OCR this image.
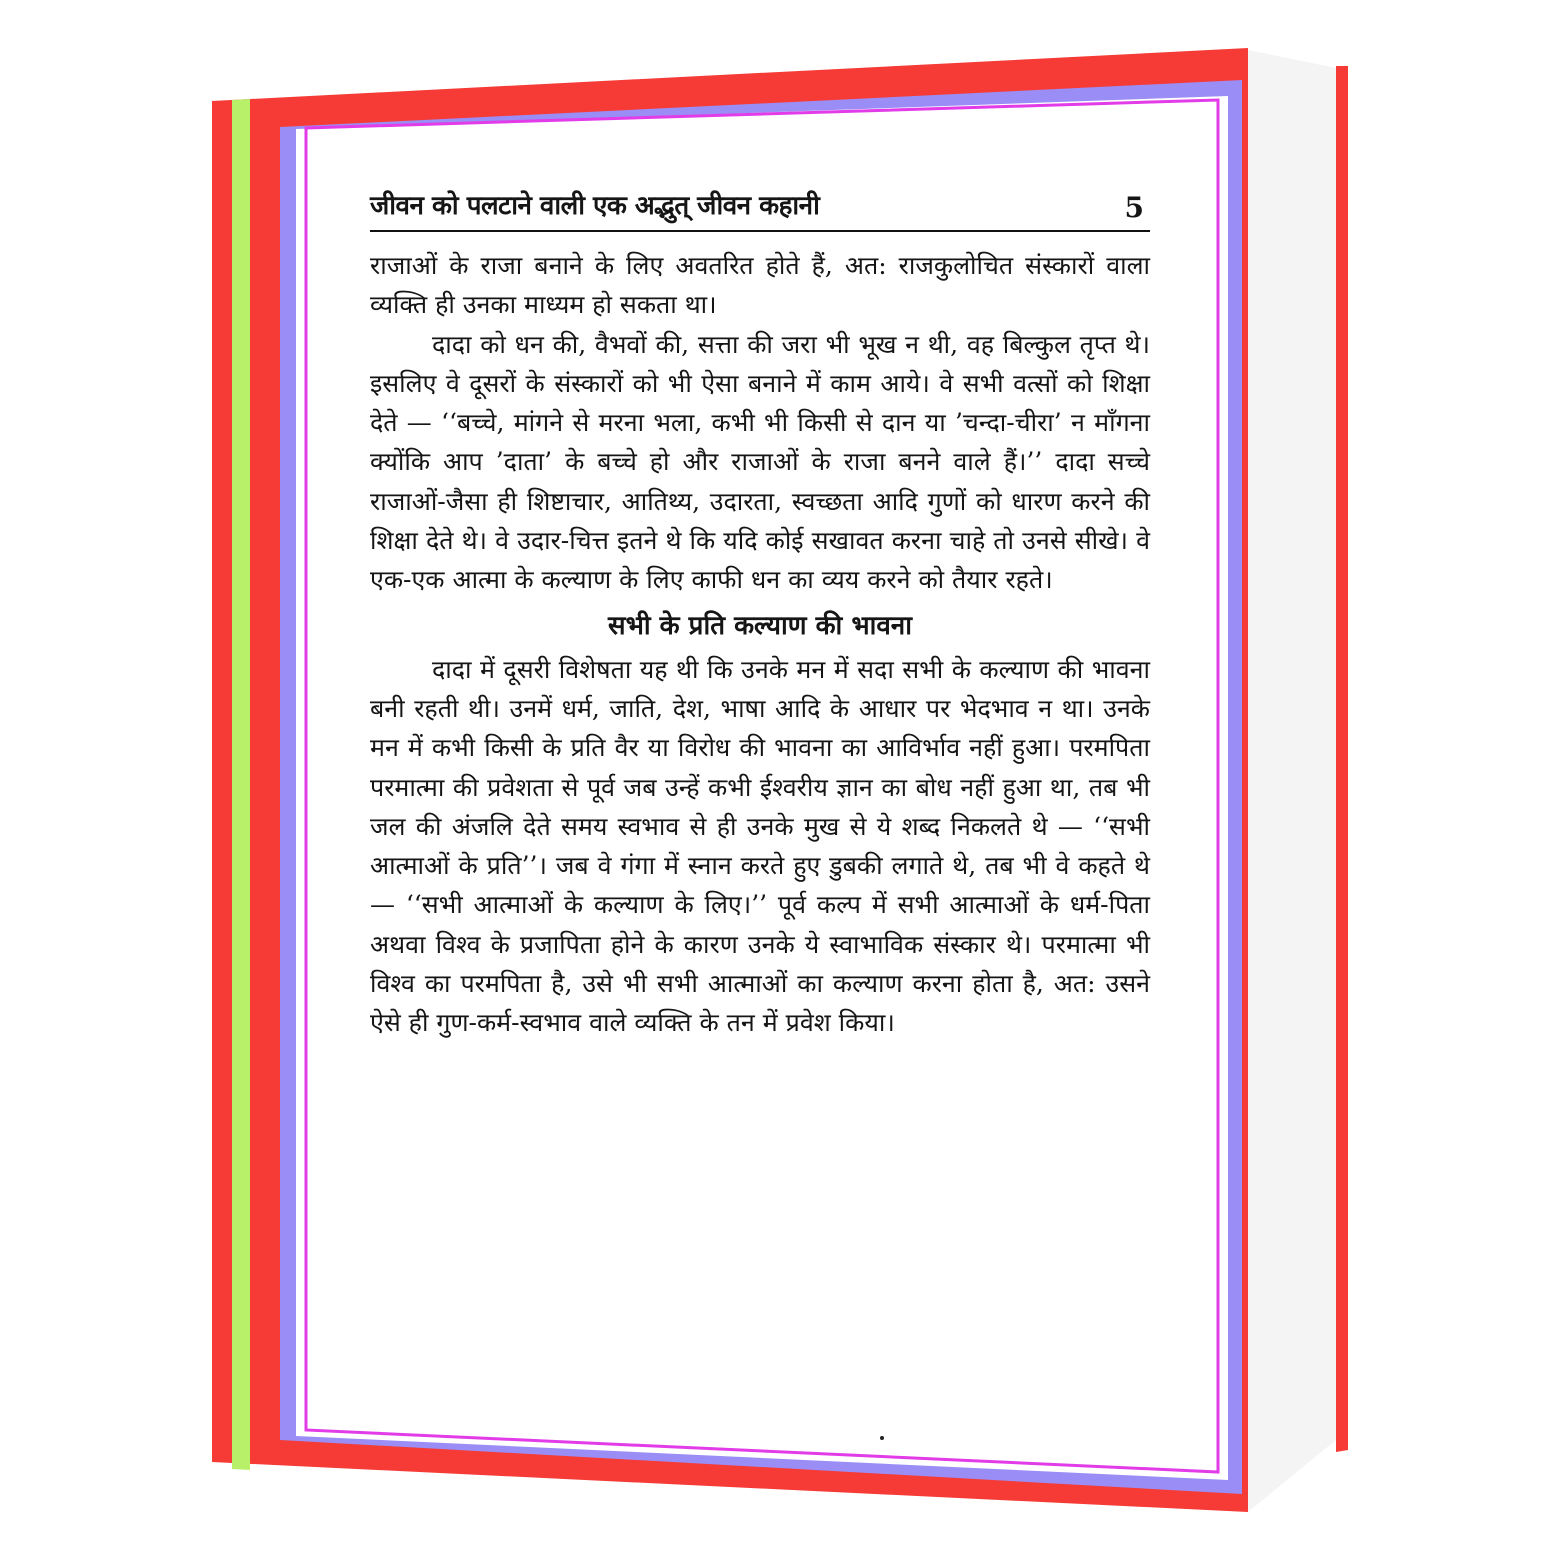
जीवन को पलटाने वाली एक अद्भुत् जीवन कहानी	5

राजाओं के राजा बनाने के लिए अवतरित होते हैं, अत: राजकुलोचित संस्कारों वाला व्यक्ति ही उनका माध्यम हो सकता था।

दादा को धन की, वैभवों की, सत्ता की जरा भी भूख न थी, वह बिल्कुल तृप्त थे। इसलिए वे दूसरों के संस्कारों को भी ऐसा बनाने में काम आये। वे सभी वत्सों को शिक्षा देते — ‘‘बच्चे, मांगने से मरना भला, कभी भी किसी से दान या ’चन्दा-चीरा’ न माँगना क्योंकि आप ’दाता’ के बच्चे हो और राजाओं के राजा बनने वाले हैं।’’ दादा सच्चे राजाओं-जैसा ही शिष्टाचार, आतिथ्य, उदारता, स्वच्छता आदि गुणों को धारण करने की शिक्षा देते थे। वे उदार-चित्त इतने थे कि यदि कोई सखावत करना चाहे तो उनसे सीखे। वे एक-एक आत्मा के कल्याण के लिए काफी धन का व्यय करने को तैयार रहते।

सभी के प्रति कल्याण की भावना

दादा में दूसरी विशेषता यह थी कि उनके मन में सदा सभी के कल्याण की भावना बनी रहती थी। उनमें धर्म, जाति, देश, भाषा आदि के आधार पर भेदभाव न था। उनके मन में कभी किसी के प्रति वैर या विरोध की भावना का आविर्भाव नहीं हुआ। परमपिता परमात्मा की प्रवेशता से पूर्व जब उन्हें कभी ईश्वरीय ज्ञान का बोध नहीं हुआ था, तब भी जल की अंजलि देते समय स्वभाव से ही उनके मुख से ये शब्द निकलते थे — ‘‘सभी आत्माओं के प्रति’’। जब वे गंगा में स्नान करते हुए डुबकी लगाते थे, तब भी वे कहते थे — ‘‘सभी आत्माओं के कल्याण के लिए।’’ पूर्व कल्प में सभी आत्माओं के धर्म-पिता अथवा विश्व के प्रजापिता होने के कारण उनके ये स्वाभाविक संस्कार थे। परमात्मा भी विश्व का परमपिता है, उसे भी सभी आत्माओं का कल्याण करना होता है, अत: उसने ऐसे ही गुण-कर्म-स्वभाव वाले व्यक्ति के तन में प्रवेश किया।
